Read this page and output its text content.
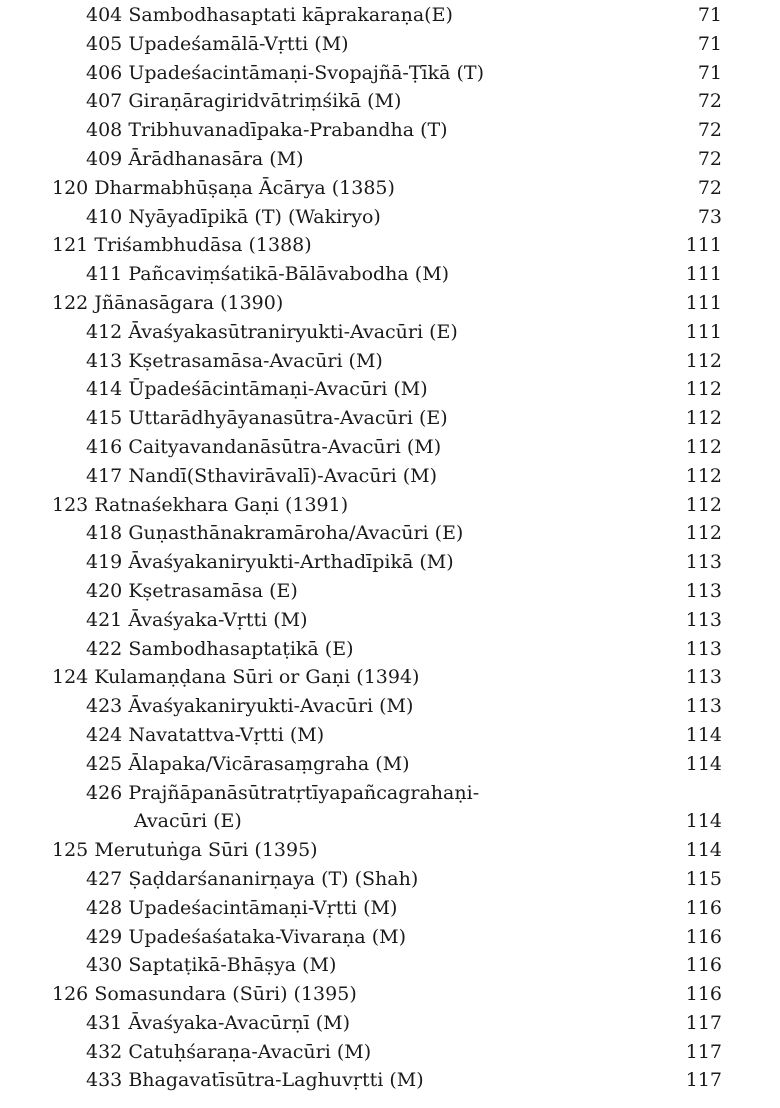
404 Sambodhasaptati kāprakaraṇa(E)	71
405 Upadeśamālā-Vṛtti (M)	71
406 Upadeśacintāmaṇi-Svopajñā-Ṭīkā (T)	71
407 Giraṇāragiridvātriṃśikā (M)	72
408 Tribhuvanadīpaka-Prabandha (T)	72
409 Ārādhanasāra (M)	72
120 Dharmabhūṣaṇa Ācārya (1385)	72
410 Nyāyadīpikā (T) (Wakiryo)	73
121 Triśambhudāsa (1388)	111
411 Pañcaviṃśatikā-Bālāvabodha (M)	111
122 Jñānasāgara (1390)	111
412 Āvaśyakasūtraniryukti-Avacūri (E)	111
413 Kṣetrasamāsa-Avacūri (M)	112
414 Ūpadeśācintāmaṇi-Avacūri (M)	112
415 Uttarādhyāyanasūtra-Avacūri (E)	112
416 Caityavandanāsūtra-Avacūri (M)	112
417 Nandī(Sthavirāvalī)-Avacūri (M)	112
123 Ratnaśekhara Gaṇi (1391)	112
418 Guṇasthānakramāroha/Avacūri (E)	112
419 Āvaśyakaniryukti-Arthadīpikā (M)	113
420 Kṣetrasamāsa (E)	113
421 Āvaśyaka-Vṛtti (M)	113
422 Sambodhasaptaṭikā (E)	113
124 Kulamaṇḍana Sūri or Gaṇi (1394)	113
423 Āvaśyakaniryukti-Avacūri (M)	113
424 Navatattva-Vṛtti (M)	114
425 Ālapaka/Vicārasaṃgraha (M)	114
426 Prajñāpanāsūtratṛtīyapañcagrahaṇi-
Avacūri (E)	114
125 Merutuṅga Sūri (1395)	114
427 Ṣaḍdarśananirṇaya (T) (Shah)	115
428 Upadeśacintāmaṇi-Vṛtti (M)	116
429 Upadeśaśataka-Vivaraṇa (M)	116
430 Saptaṭikā-Bhāṣya (M)	116
126 Somasundara (Sūri) (1395)	116
431 Āvaśyaka-Avacūrṇī (M)	117
432 Catuḥśaraṇa-Avacūri (M)	117
433 Bhagavatīsūtra-Laghuvṛtti (M)	117
